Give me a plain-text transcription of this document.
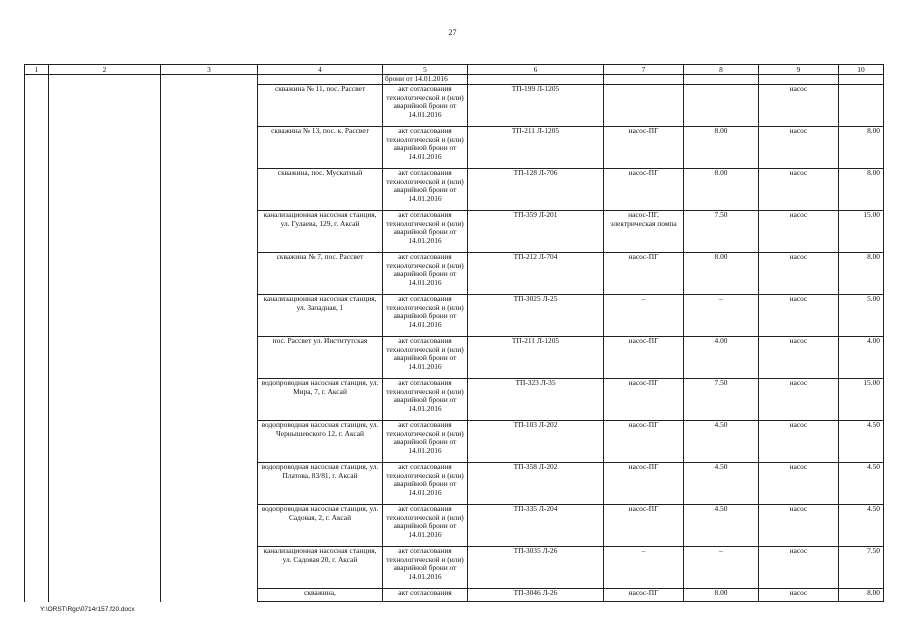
27
1	2	3	4	5	6	7	8	9	10
				брони от 14.01.2016					
			скважина № 11, пос. Рассвет	акт согласования технологической и (или) аварийной брони от 14.01.2016	ТП-199 Л-1205			насос	
			скважина № 13, пос. к. Рассвет	акт согласования технологической и (или) аварийной брони от 14.01.2016	ТП-211 Л-1205	насос-ПГ	8.00	насос	8.00
			скважина, пос. Мускатный	акт согласования технологической и (или) аварийной брони от 14.01.2016	ТП-128 Л-706	насос-ПГ	8.00	насос	8.00
			канализационная насосная станция, ул. Гулаева, 129, г. Аксай	акт согласования технологической и (или) аварийной брони от 14.01.2016	ТП-359 Л-201	насос-ПГ, электрическая помпа	7.50	насос	15.00
			скважина № 7, пос. Рассвет	акт согласования технологической и (или) аварийной брони от 14.01.2016	ТП-212 Л-704	насос-ПГ	8.00	насос	8.00
			канализационная насосная станция, ул. Западная, 1	акт согласования технологической и (или) аварийной брони от 14.01.2016	ТП-3025 Л-25	–	–	насос	5.00
			пос. Рассвет ул. Институтская	акт согласования технологической и (или) аварийной брони от 14.01.2016	ТП-211 Л-1205	насос-ПГ	4.00	насос	4.00
			водопроводная насосная станция, ул. Мира, 7, г. Аксай	акт согласования технологической и (или) аварийной брони от 14.01.2016	ТП-323 Л-35	насос-ПГ	7.50	насос	15.00
			водопроводная насосная станция, ул. Чернышевского 12, г. Аксай	акт согласования технологической и (или) аварийной брони от 14.01.2016	ТП-103 Л-202	насос-ПГ	4.50	насос	4.50
			водопроводная насосная станция, ул. Платова, 83/81, г. Аксай	акт согласования технологической и (или) аварийной брони от 14.01.2016	ТП-358 Л-202	насос-ПГ	4.50	насос	4.50
			водопроводная насосная станция, ул. Садовая, 2, г. Аксай	акт согласования технологической и (или) аварийной брони от 14.01.2016	ТП-335 Л-204	насос-ПГ	4.50	насос	4.50
			канализационная насосная станция, ул. Садовая 20, г. Аксай	акт согласования технологической и (или) аварийной брони от 14.01.2016	ТП-3035 Л-26	–	–	насос	7.50
			скважина,	акт согласования	ТП-3046 Л-26	насос-ПГ	8.00	насос	8.00
Y:\ORST\Rgc\0714r157.f20.docx
